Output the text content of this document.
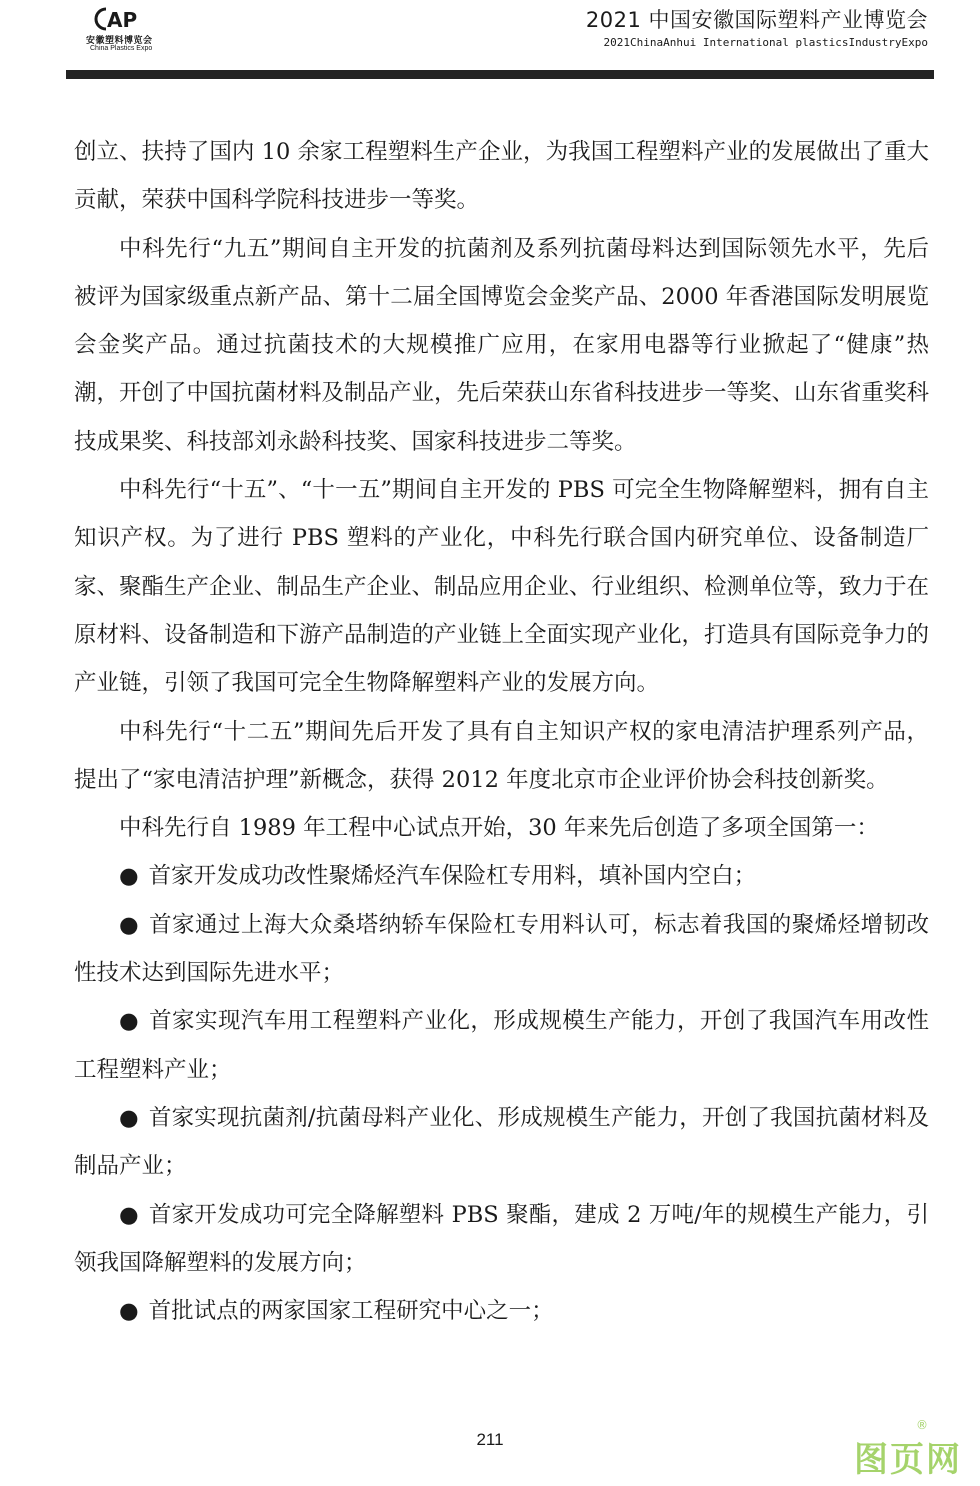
AP
安徽塑料博览会
China Plastics Expo
2021 中国安徽国际塑料产业博览会
2021ChinaAnhui International plasticsIndustryExpo

创立、扶持了国内 10 余家工程塑料生产企业，为我国工程塑料产业的发展做出了重大贡献，荣获中国科学院科技进步一等奖。

中科先行“九五”期间自主开发的抗菌剂及系列抗菌母料达到国际领先水平，先后被评为国家级重点新产品、第十二届全国博览会金奖产品、2000 年香港国际发明展览会金奖产品。通过抗菌技术的大规模推广应用，在家用电器等行业掀起了“健康”热潮，开创了中国抗菌材料及制品产业，先后荣获山东省科技进步一等奖、山东省重奖科技成果奖、科技部刘永龄科技奖、国家科技进步二等奖。

中科先行“十五”、“十一五”期间自主开发的 PBS 可完全生物降解塑料，拥有自主知识产权。为了进行 PBS 塑料的产业化，中科先行联合国内研究单位、设备制造厂家、聚酯生产企业、制品生产企业、制品应用企业、行业组织、检测单位等，致力于在原材料、设备制造和下游产品制造的产业链上全面实现产业化，打造具有国际竞争力的产业链，引领了我国可完全生物降解塑料产业的发展方向。

中科先行“十二五”期间先后开发了具有自主知识产权的家电清洁护理系列产品，提出了“家电清洁护理”新概念，获得 2012 年度北京市企业评价协会科技创新奖。

中科先行自 1989 年工程中心试点开始，30 年来先后创造了多项全国第一：

● 首家开发成功改性聚烯烃汽车保险杠专用料，填补国内空白；

● 首家通过上海大众桑塔纳轿车保险杠专用料认可，标志着我国的聚烯烃增韧改性技术达到国际先进水平；

● 首家实现汽车用工程塑料产业化，形成规模生产能力，开创了我国汽车用改性工程塑料产业；

● 首家实现抗菌剂/抗菌母料产业化、形成规模生产能力，开创了我国抗菌材料及制品产业；

● 首家开发成功可完全降解塑料 PBS 聚酯，建成 2 万吨/年的规模生产能力，引领我国降解塑料的发展方向；

● 首批试点的两家国家工程研究中心之一；

211
图页网
®
